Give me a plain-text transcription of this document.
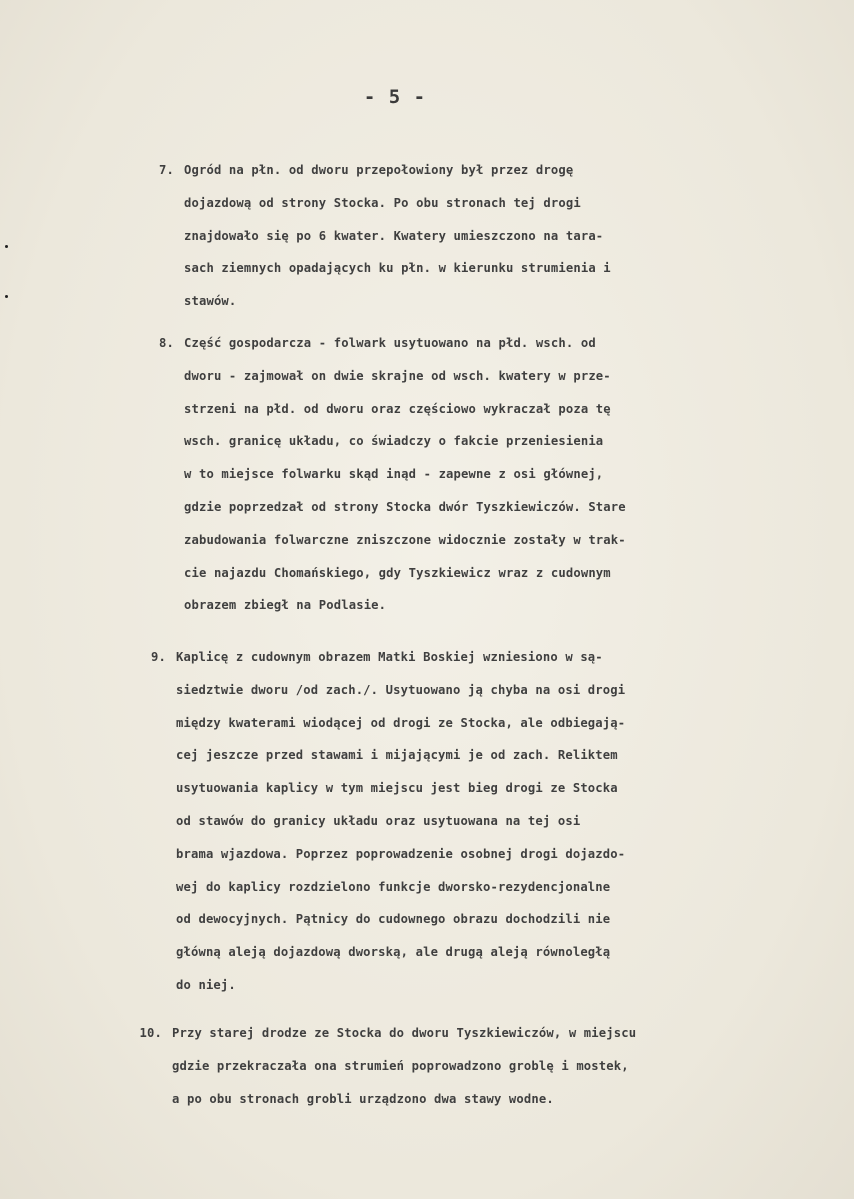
- 5 -
7. Ogród na płn. od dworu przepołowiony był przez drogę
dojazdową od strony Stocka. Po obu stronach tej drogi
znajdowało się po 6 kwater. Kwatery umieszczono na tara-
sach ziemnych opadających ku płn. w kierunku strumienia i
stawów.
8. Część gospodarcza - folwark usytuowano na płd. wsch. od
dworu - zajmował on dwie skrajne od wsch. kwatery w prze-
strzeni na płd. od dworu oraz częściowo wykraczał poza tę
wsch. granicę układu, co świadczy o fakcie przeniesienia
w to miejsce folwarku skąd inąd - zapewne z osi głównej,
gdzie poprzedzał od strony Stocka dwór Tyszkiewiczów. Stare
zabudowania folwarczne zniszczone widocznie zostały w trak-
cie najazdu Chomańskiego, gdy Tyszkiewicz wraz z cudownym
obrazem zbiegł na Podlasie.
9. Kaplicę z cudownym obrazem Matki Boskiej wzniesiono w są-
siedztwie dworu /od zach./. Usytuowano ją chyba na osi drogi
między kwaterami wiodącej od drogi ze Stocka, ale odbiegają-
cej jeszcze przed stawami i mijającymi je od zach. Reliktem
usytuowania kaplicy w tym miejscu jest bieg drogi ze Stocka
od stawów do granicy układu oraz usytuowana na tej osi
brama wjazdowa. Poprzez poprowadzenie osobnej drogi dojazdo-
wej do kaplicy rozdzielono funkcje dworsko-rezydencjonalne
od dewocyjnych. Pątnicy do cudownego obrazu dochodzili nie
główną aleją dojazdową dworską, ale drugą aleją równoległą
do niej.
10. Przy starej drodze ze Stocka do dworu Tyszkiewiczów, w miejscu
gdzie przekraczała ona strumień poprowadzono groblę i mostek,
a po obu stronach grobli urządzono dwa stawy wodne.
